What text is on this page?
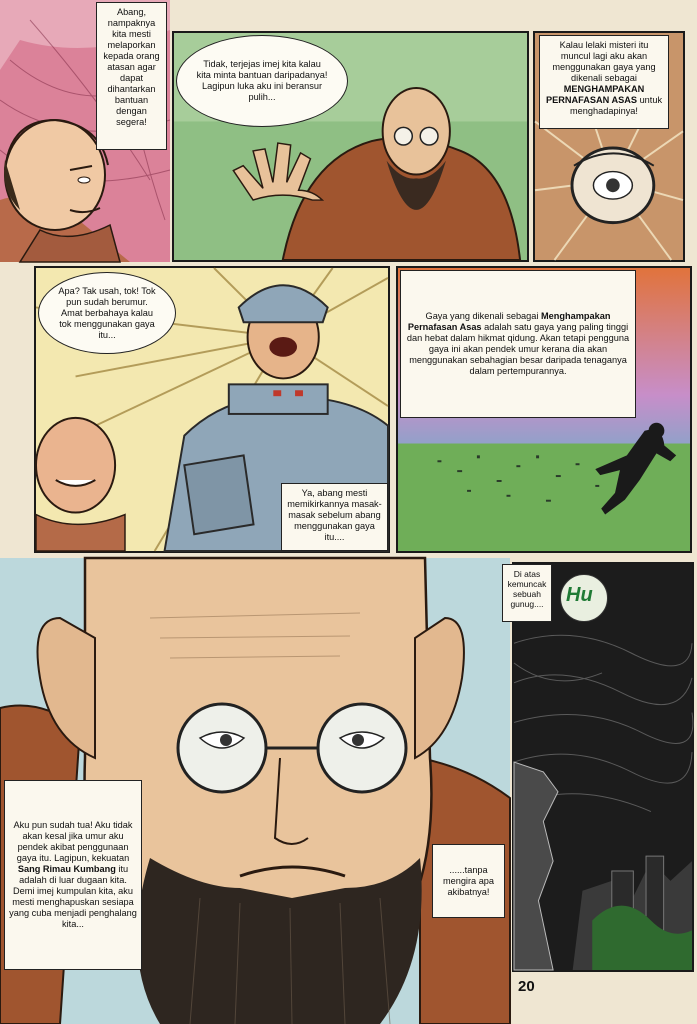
Abang, nampaknya kita mesti melaporkan kepada orang atasan agar dapat dihantarkan bantuan dengan segera!
Tidak, terjejas imej kita kalau kita minta bantuan daripadanya! Lagipun luka aku ini beransur pulih...
Kalau lelaki misteri itu muncul lagi aku akan menggunakan gaya yang dikenali sebagai MENGHAMPAKAN PERNAFASAN ASAS untuk menghadapinya!
Apa? Tak usah, tok! Tok pun sudah berumur. Amat berbahaya kalau tok menggunakan gaya itu...
Ya, abang mesti memikirkannya masak-masak sebelum abang menggunakan gaya itu....
Gaya yang dikenali sebagai Menghampakan Pernafasan Asas adalah satu gaya yang paling tinggi dan hebat dalam hikmat qidung. Akan tetapi pengguna gaya ini akan pendek umur kerana dia akan menggunakan sebahagian besar daripada tenaganya dalam pertempurannya.
Aku pun sudah tua! Aku tidak akan kesal jika umur aku pendek akibat penggunaan gaya itu. Lagipun, kekuatan Sang Rimau Kumbang itu adalah di luar dugaan kita. Demi imej kumpulan kita, aku mesti menghapuskan sesiapa yang cuba menjadi penghalang kita...
......tanpa mengira apa akibatnya!
Di atas kemuncak sebuah gunug....	Hu
20
